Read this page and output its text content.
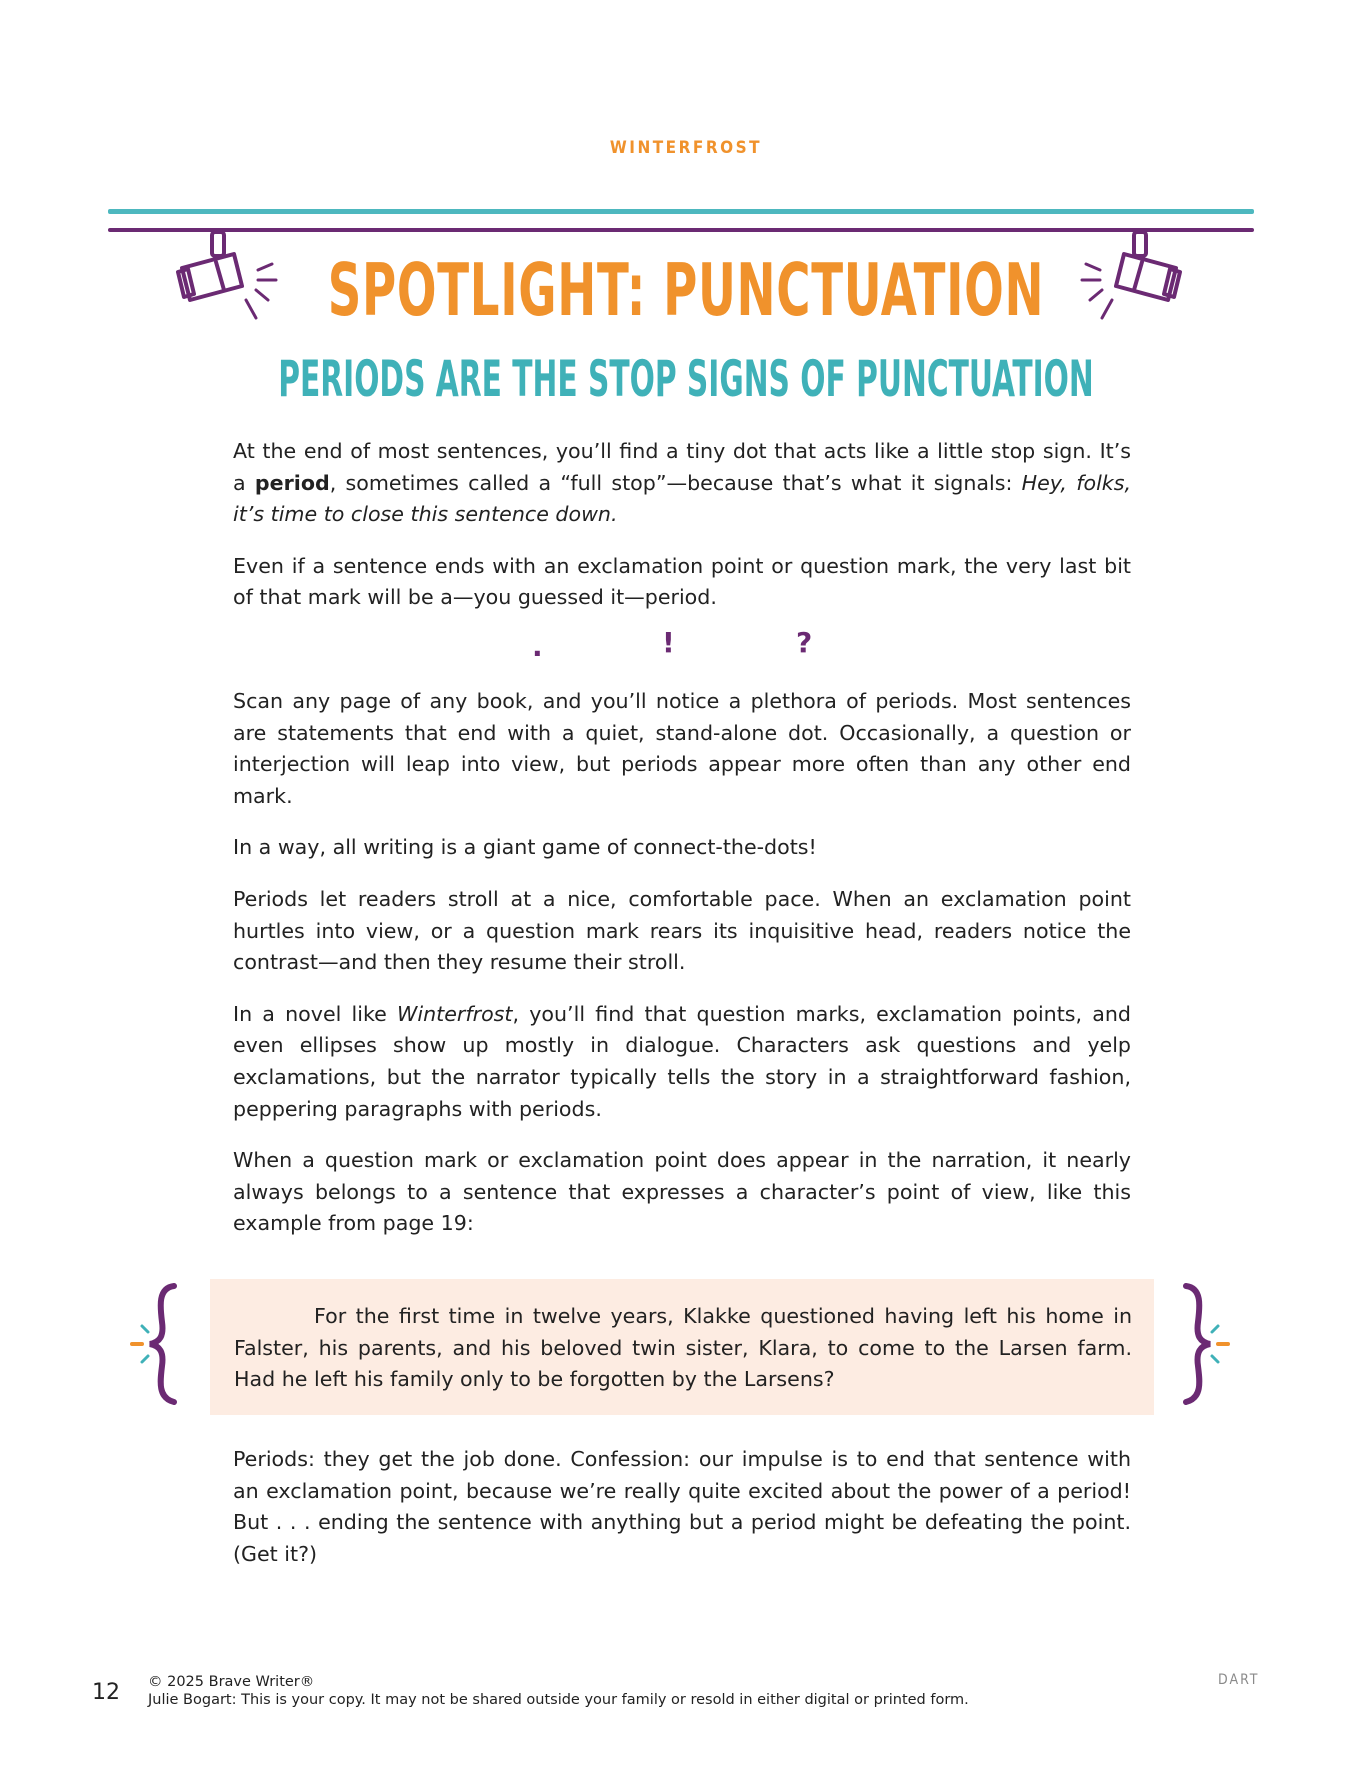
WINTERFROST
SPOTLIGHT: PUNCTUATION
PERIODS ARE THE STOP SIGNS OF PUNCTUATION
.	!	?

At the end of most sentences, you’ll find a tiny dot that acts like a little stop sign. It’s a period, sometimes called a “full stop”—because that’s what it signals: Hey, folks, it’s time to close this sentence down.

Even if a sentence ends with an exclamation point or question mark, the very last bit of that mark will be a—you guessed it—period.

Scan any page of any book, and you’ll notice a plethora of periods. Most sentences are statements that end with a quiet, stand-alone dot. Occasionally, a question or interjection will leap into view, but periods appear more often than any other end mark.

In a way, all writing is a giant game of connect-the-dots!

Periods let readers stroll at a nice, comfortable pace. When an exclamation point hurtles into view, or a question mark rears its inquisitive head, readers notice the contrast—and then they resume their stroll.

In a novel like Winterfrost, you’ll find that question marks, exclamation points, and even ellipses show up mostly in dialogue. Characters ask questions and yelp exclamations, but the narrator typically tells the story in a straightforward fashion, peppering paragraphs with periods.

When a question mark or exclamation point does appear in the narration, it nearly always belongs to a sentence that expresses a character’s point of view, like this example from page 19:

For the first time in twelve years, Klakke questioned having left his home in Falster, his parents, and his beloved twin sister, Klara, to come to the Larsen farm. Had he left his family only to be forgotten by the Larsens?

Periods: they get the job done. Confession: our impulse is to end that sentence with an exclamation point, because we’re really quite excited about the power of a period! But . . . ending the sentence with anything but a period might be defeating the point. (Get it?)

12 © 2025 Brave Writer®
Julie Bogart: This is your copy. It may not be shared outside your family or resold in either digital or printed form.
DART
